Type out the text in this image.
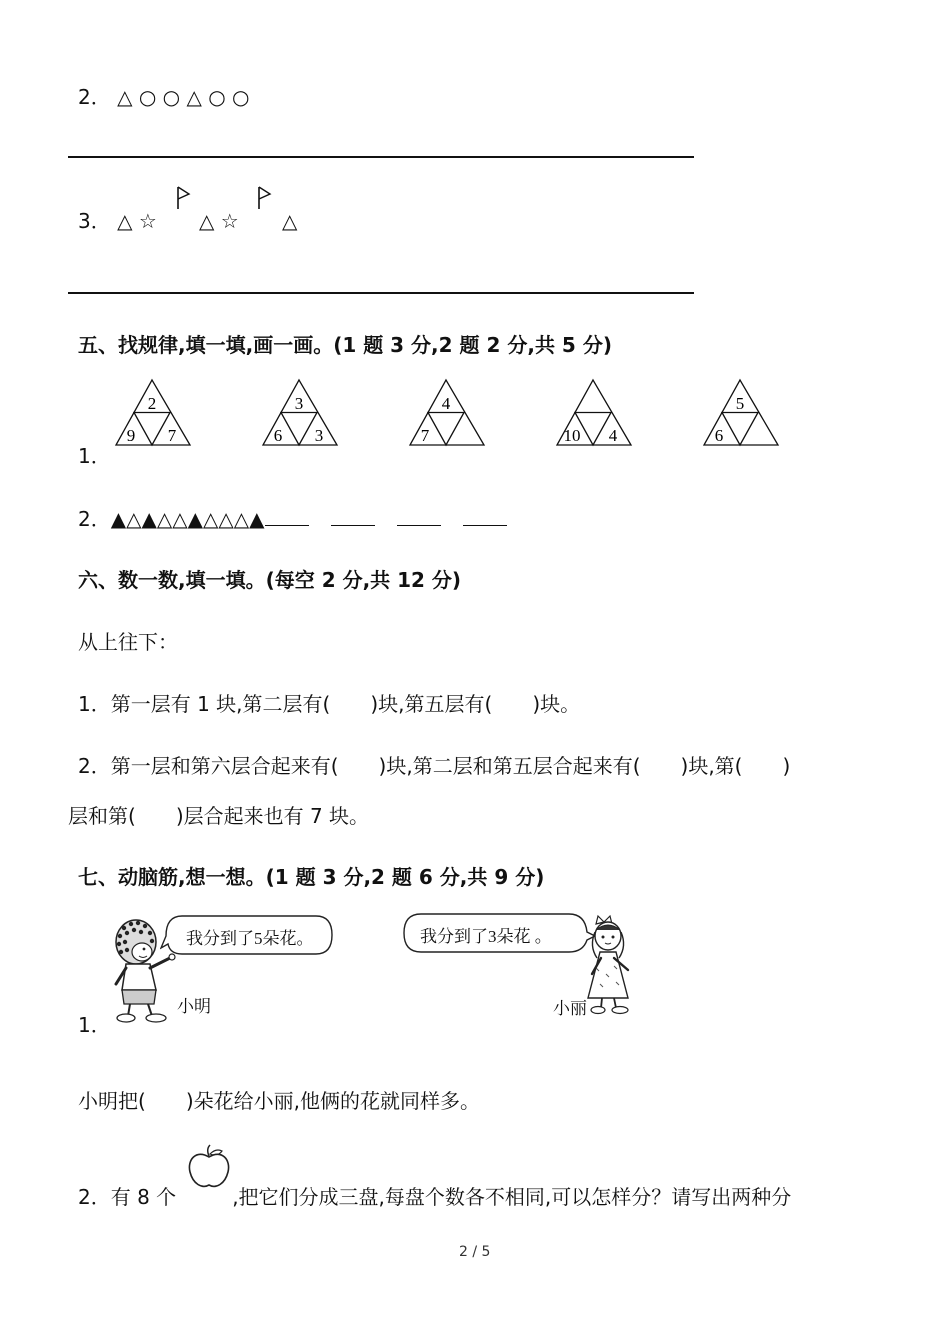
2． △ ○ ○ △ ○ ○
3． △ ☆ △ ☆ △
五、找规律,填一填,画一画。(1 题 3 分,2 题 2 分,共 5 分)
2
9 7
3
6 3
4
7	10 4
5
6
1．
2．▲△▲△△▲△△△▲
六、数一数,填一填。(每空 2 分,共 12 分)
从上往下：
1．第一层有 1 块,第二层有( )块,第五层有( )块。
2．第一层和第六层合起来有( )块,第二层和第五层合起来有( )块,第( )
层和第( )层合起来也有 7 块。
七、动脑筋,想一想。(1 题 3 分,2 题 6 分,共 9 分)
我分到了5朵花。
小明
我分到了3朵花 。
小丽
1．
小明把( )朵花给小丽,他俩的花就同样多。
2．有 8 个	,把它们分成三盘,每盘个数各不相同,可以怎样分？请写出两种分
2 / 5
